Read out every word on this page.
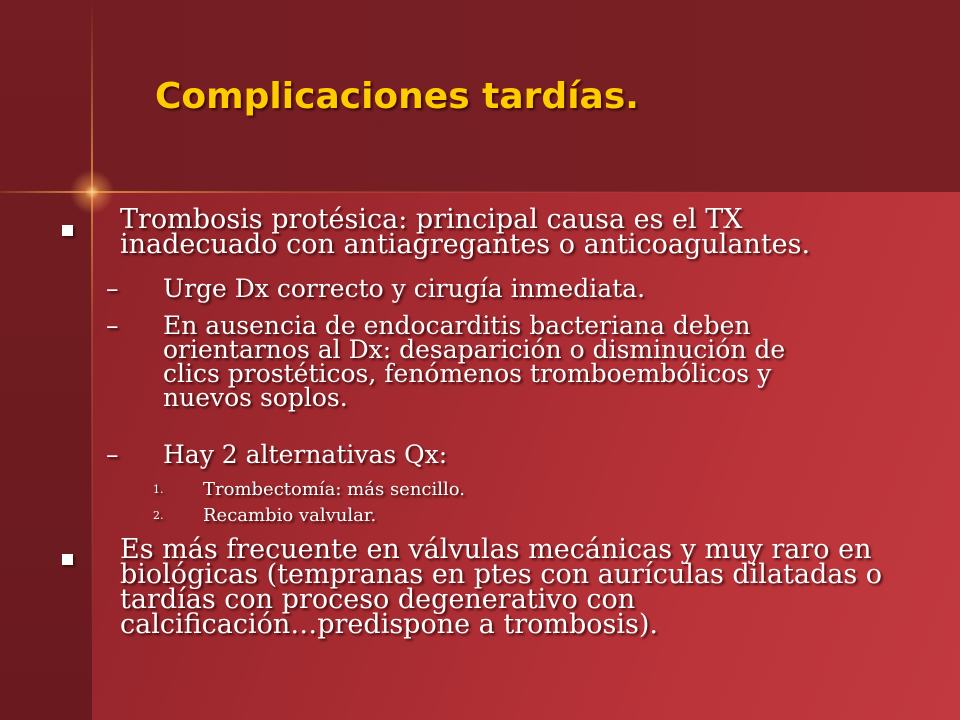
Complicaciones tardías.

Trombosis protésica: principal causa es el TX

inadecuado con antiagregantes o anticoagulantes.

– Urge Dx correcto y cirugía inmediata.

– En ausencia de endocarditis bacteriana deben

orientarnos al Dx: desaparición o disminución de

clics prostéticos, fenómenos tromboembólicos y

nuevos soplos.

– Hay 2 alternativas Qx:

1. Trombectomía: más sencillo.

2. Recambio valvular.

Es más frecuente en válvulas mecánicas y muy raro en

biológicas (tempranas en ptes con aurículas dilatadas o

tardías con proceso degenerativo con

calcificación…predispone a trombosis).
